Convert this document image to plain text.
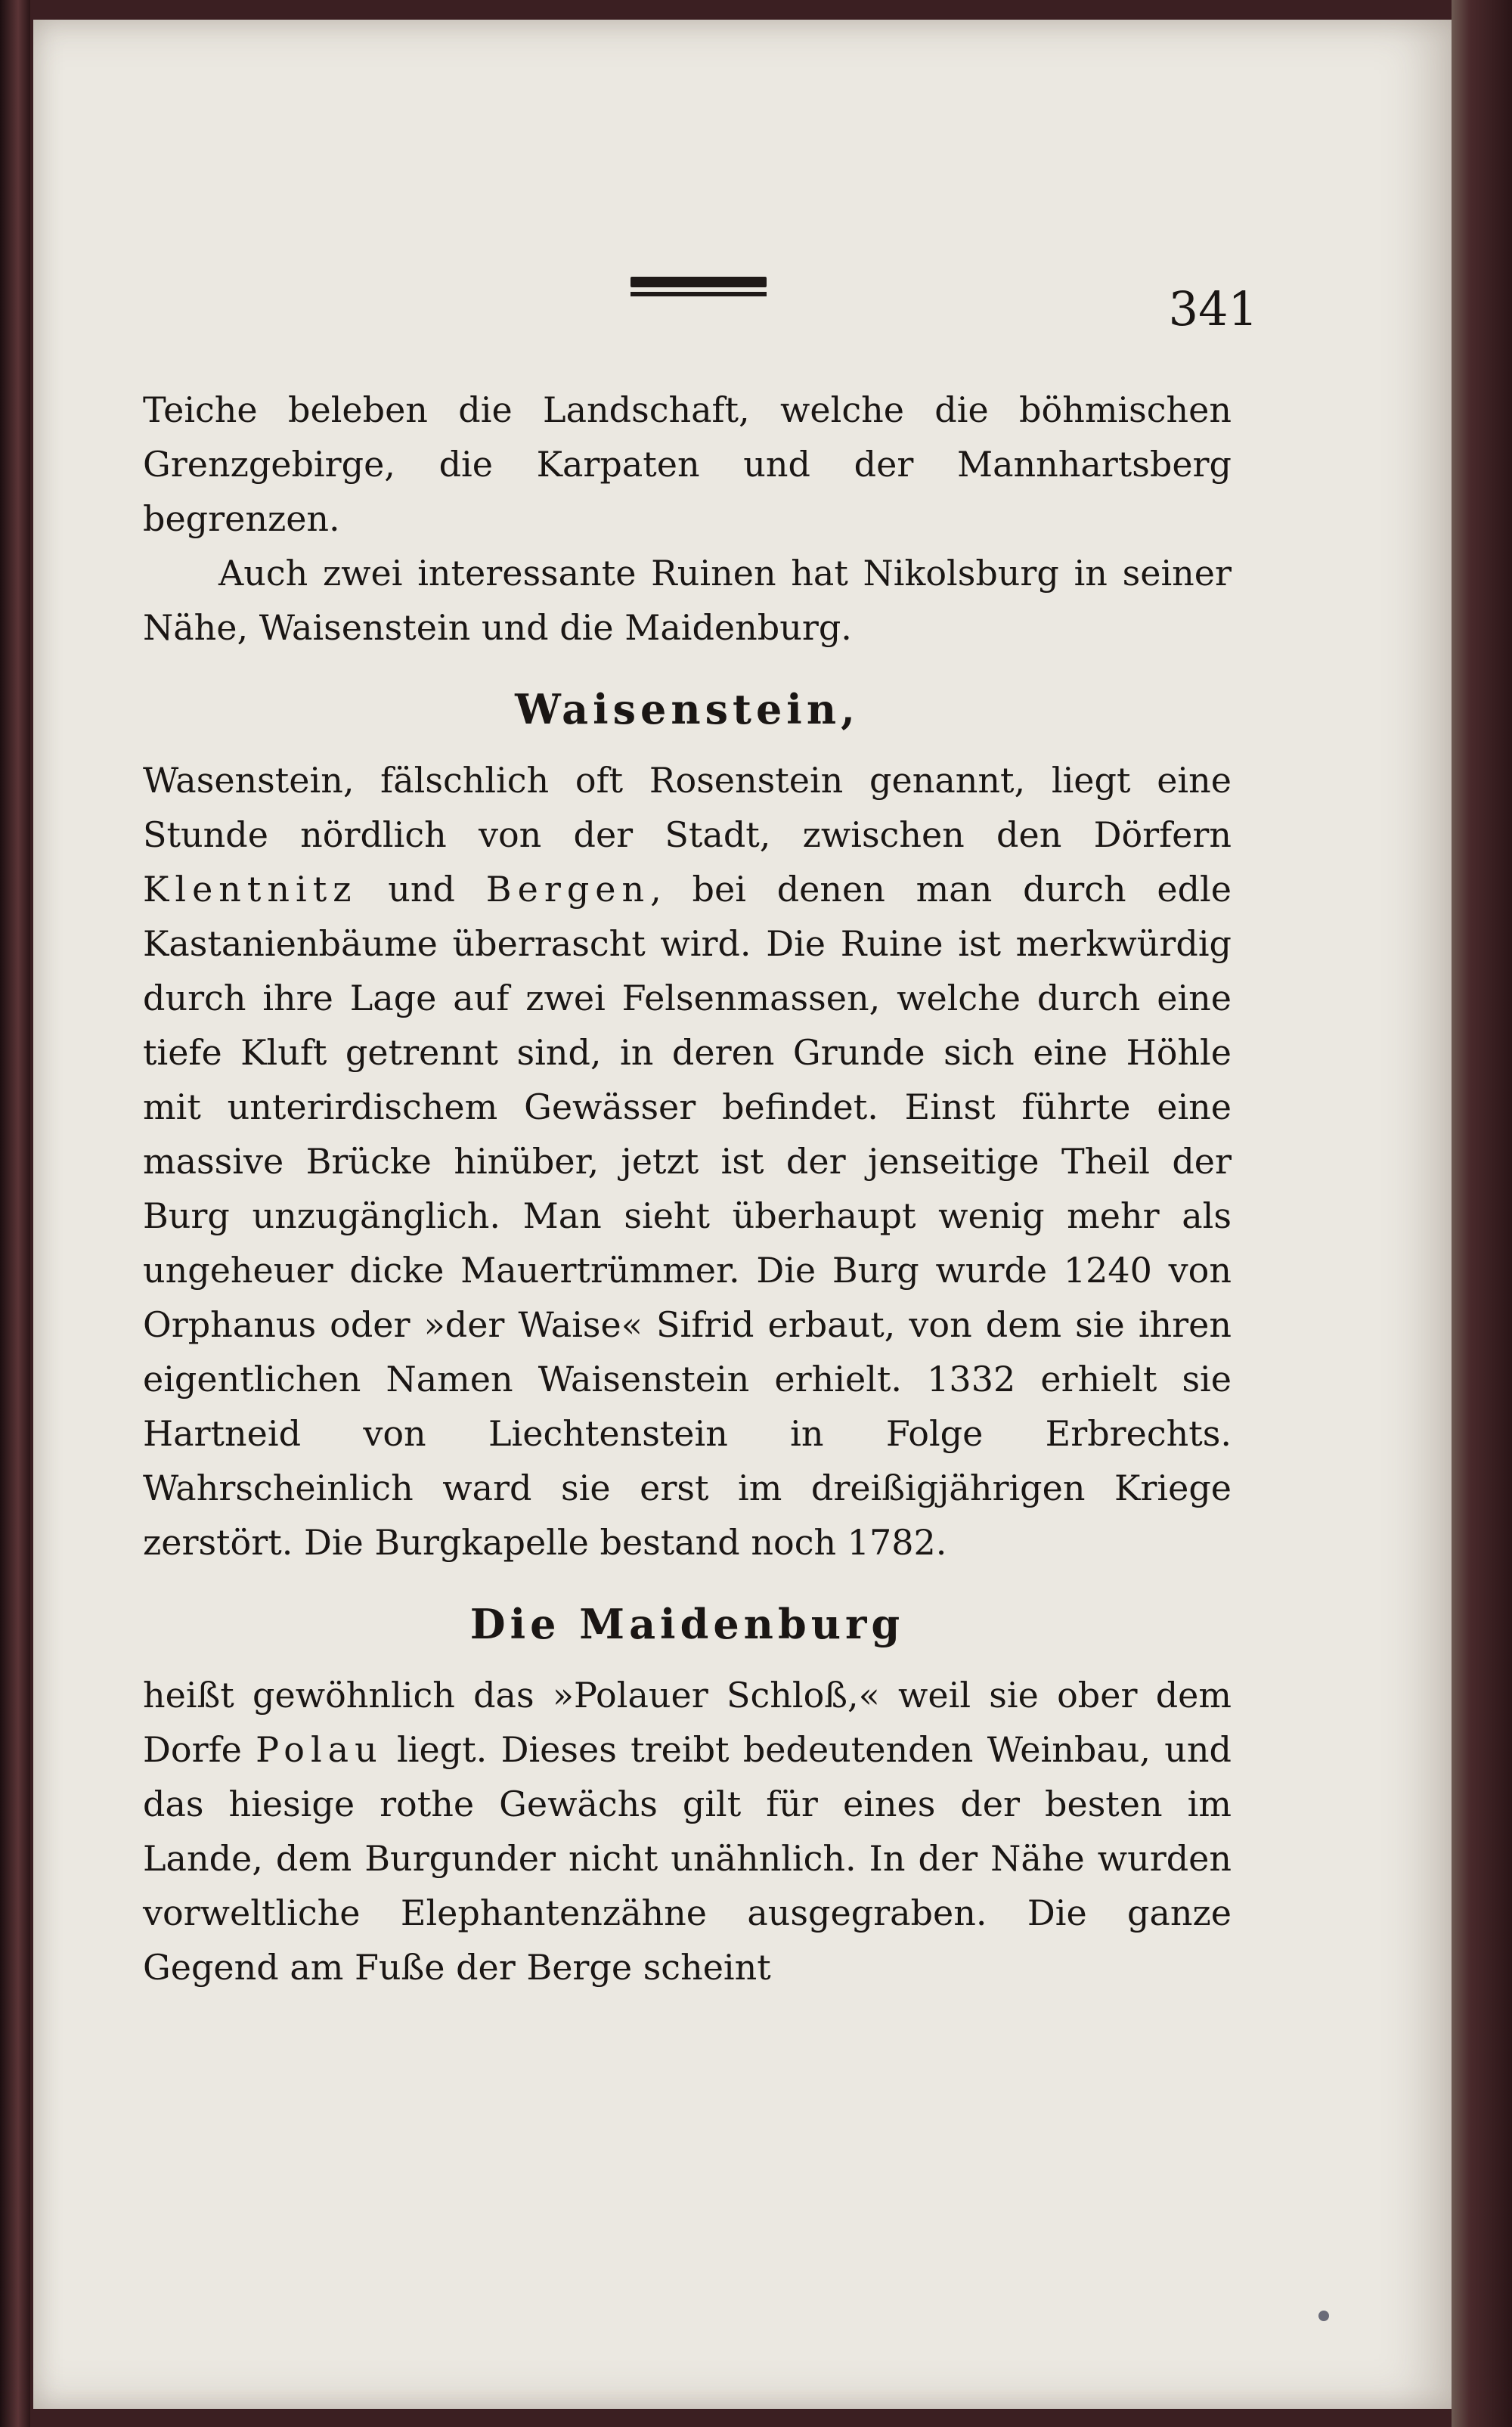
341

Teiche beleben die Landschaft, welche die böhmischen Grenzgebirge, die Karpaten und der Mannhartsberg begrenzen.

Auch zwei interessante Ruinen hat Nikolsburg in seiner Nähe, Waisenstein und die Maidenburg.

Waisenstein,

Wasenstein, fälschlich oft Rosenstein genannt, liegt eine Stunde nördlich von der Stadt, zwischen den Dörfern Klentnitz und Bergen, bei denen man durch edle Kastanienbäume überrascht wird. Die Ruine ist merkwürdig durch ihre Lage auf zwei Felsenmassen, welche durch eine tiefe Kluft getrennt sind, in deren Grunde sich eine Höhle mit unterirdischem Gewässer befindet. Einst führte eine massive Brücke hinüber, jetzt ist der jenseitige Theil der Burg unzugänglich. Man sieht überhaupt wenig mehr als ungeheuer dicke Mauertrümmer. Die Burg wurde 1240 von Orphanus oder »der Waise« Sifrid erbaut, von dem sie ihren eigentlichen Namen Waisenstein erhielt. 1332 erhielt sie Hartneid von Liechtenstein in Folge Erbrechts. Wahrscheinlich ward sie erst im dreißigjährigen Kriege zerstört. Die Burgkapelle bestand noch 1782.

Die Maidenburg

heißt gewöhnlich das »Polauer Schloß,« weil sie ober dem Dorfe Polau liegt. Dieses treibt bedeutenden Weinbau, und das hiesige rothe Gewächs gilt für eines der besten im Lande, dem Burgunder nicht unähnlich. In der Nähe wurden vorweltliche Elephantenzähne ausgegraben. Die ganze Gegend am Fuße der Berge scheint
